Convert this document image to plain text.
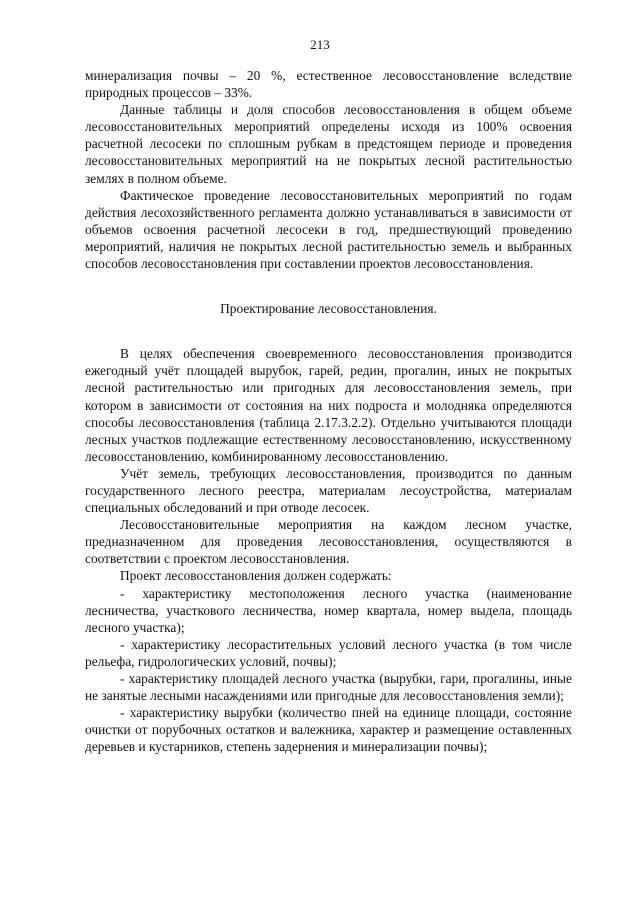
213

минерализация почвы – 20 %, естественное лесовосстановление вследствие природных процессов – 33%.

Данные таблицы и доля способов лесовосстановления в общем объеме лесовосстановительных мероприятий определены исходя из 100% освоения расчетной лесосеки по сплошным рубкам в предстоящем периоде и проведения лесовосстановительных мероприятий на не покрытых лесной растительностью землях в полном объеме.

Фактическое проведение лесовосстановительных мероприятий по годам действия лесохозяйственного регламента должно устанавливаться в зависимости от объемов освоения расчетной лесосеки в год, предшествующий проведению мероприятий, наличия не покрытых лесной растительностью земель и выбранных способов лесовосстановления при составлении проектов лесовосстановления.

Проектирование лесовосстановления.

В целях обеспечения своевременного лесовосстановления производится ежегодный учёт площадей вырубок, гарей, редин, прогалин, иных не покрытых лесной растительностью или пригодных для лесовосстановления земель, при котором в зависимости от состояния на них подроста и молодняка определяются способы лесовосстановления (таблица 2.17.3.2.2). Отдельно учитываются площади лесных участков подлежащие естественному лесовосстановлению, искусственному лесовосстановлению, комбинированному лесовосстановлению.

Учёт земель, требующих лесовосстановления, производится по данным государственного лесного реестра, материалам лесоустройства, материалам специальных обследований и при отводе лесосек.

Лесовосстановительные мероприятия на каждом лесном участке, предназначенном для проведения лесовосстановления, осуществляются в соответствии с проектом лесовосстановления.

Проект лесовосстановления должен содержать:

- характеристику местоположения лесного участка (наименование лесничества, участкового лесничества, номер квартала, номер выдела, площадь лесного участка);

- характеристику лесорастительных условий лесного участка (в том числе рельефа, гидрологических условий, почвы);

- характеристику площадей лесного участка (вырубки, гари, прогалины, иные не занятые лесными насаждениями или пригодные для лесовосстановления земли);

- характеристику вырубки (количество пней на единице площади, состояние очистки от порубочных остатков и валежника, характер и размещение оставленных деревьев и кустарников, степень задернения и минерализации почвы);
